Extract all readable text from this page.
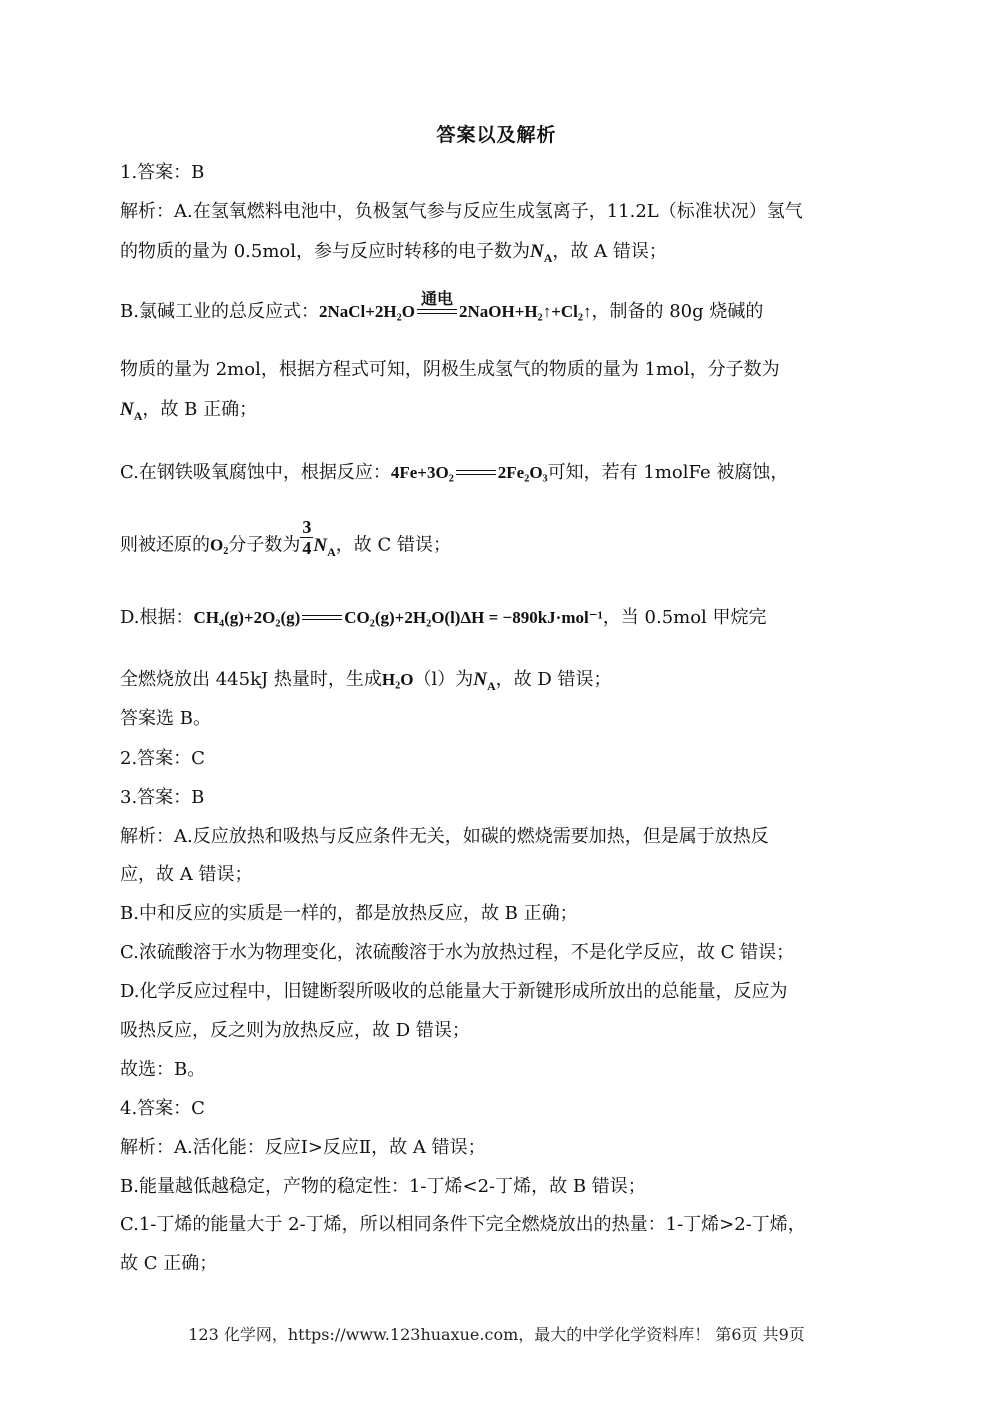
答案以及解析
1.答案：B
解析：A.在氢氧燃料电池中，负极氢气参与反应生成氢离子，11.2L（标准状况）氢气
的物质的量为 0.5mol，参与反应时转移的电子数为$N_A$，故 A 错误；
B.氯碱工业的总反应式：2NaCl+2H₂O
通电
2NaOH+H₂↑+Cl₂↑，制备的 80g 烧碱的
物质的量为 2mol，根据方程式可知，阴极生成氢气的物质的量为 1mol，分子数为
$N_A$，故 B 正确；
C.在钢铁吸氧腐蚀中，根据反应：4Fe+3O₂	2Fe₂O₃可知，若有 1molFe 被腐蚀，
则被还原的O₂分子数为 $\frac{3}{4} N_A$，故 C 错误；
D.根据：CH₄(g)+2O₂(g)	CO₂(g)+2H₂O(l)ΔH = −890kJ·mol⁻¹，当 0.5mol 甲烷完
全燃烧放出 445kJ 热量时，生成H₂O（l）为$N_A$，故 D 错误；
答案选 B。
2.答案：C
3.答案：B
解析：A.反应放热和吸热与反应条件无关，如碳的燃烧需要加热，但是属于放热反
应，故 A 错误；
B.中和反应的实质是一样的，都是放热反应，故 B 正确；
C.浓硫酸溶于水为物理变化，浓硫酸溶于水为放热过程，不是化学反应，故 C 错误；
D.化学反应过程中，旧键断裂所吸收的总能量大于新键形成所放出的总能量，反应为
吸热反应，反之则为放热反应，故 D 错误；
故选：B。
4.答案：C
解析：A.活化能：反应Ⅰ>反应Ⅱ，故 A 错误；
B.能量越低越稳定，产物的稳定性：1-丁烯<2-丁烯，故 B 错误；
C.1-丁烯的能量大于 2-丁烯，所以相同条件下完全燃烧放出的热量：1-丁烯>2-丁烯，
故 C 正确；
123 化学网，https://www.123huaxue.com，最大的中学化学资料库！ 第6页 共9页
